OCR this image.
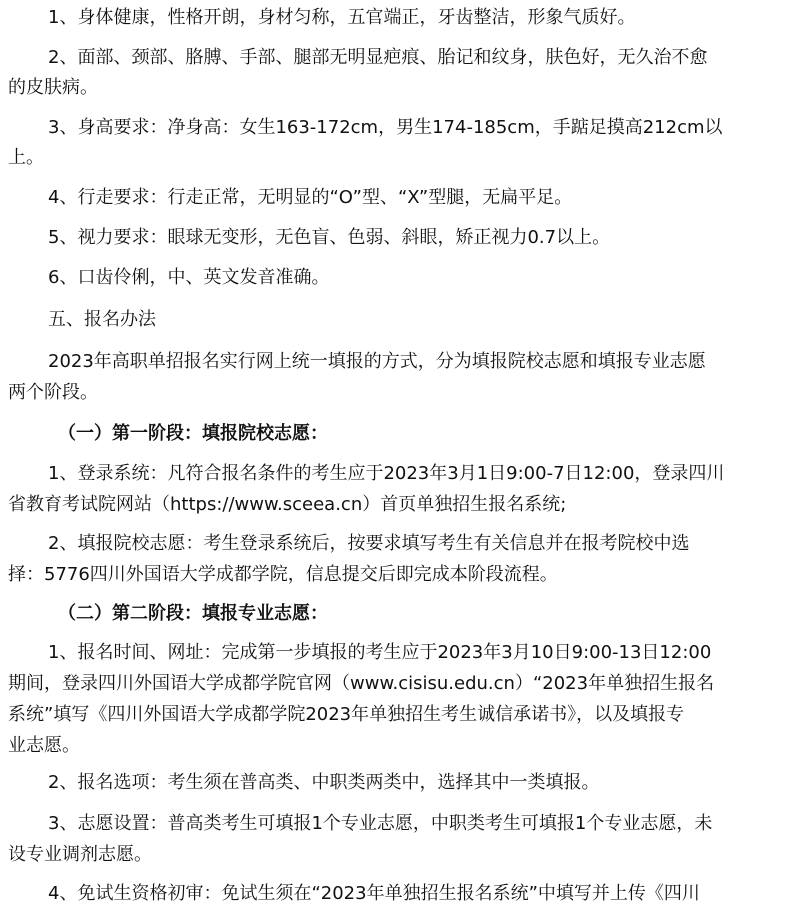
1、身体健康，性格开朗，身材匀称，五官端正，牙齿整洁，形象气质好。

2、面部、颈部、胳膊、手部、腿部无明显疤痕、胎记和纹身，肤色好，无久治不愈

的皮肤病。

3、身高要求：净身高：女生163-172cm，男生174-185cm，手踮足摸高212cm以

上。

4、行走要求：行走正常，无明显的“O”型、“X”型腿，无扁平足。

5、视力要求：眼球无变形，无色盲、色弱、斜眼，矫正视力0.7以上。

6、口齿伶俐，中、英文发音准确。

五、报名办法

2023年高职单招报名实行网上统一填报的方式，分为填报院校志愿和填报专业志愿

两个阶段。

（一）第一阶段：填报院校志愿：

1、登录系统：凡符合报名条件的考生应于2023年3月1日9:00-7日12:00，登录四川

省教育考试院网站（https://www.sceea.cn）首页单独招生报名系统;

2、填报院校志愿：考生登录系统后，按要求填写考生有关信息并在报考院校中选

择：5776四川外国语大学成都学院，信息提交后即完成本阶段流程。

（二）第二阶段：填报专业志愿：

1、报名时间、网址：完成第一步填报的考生应于2023年3月10日9:00-13日12:00

期间，登录四川外国语大学成都学院官网（www.cisisu.edu.cn）“2023年单独招生报名

系统”填写《四川外国语大学成都学院2023年单独招生考生诚信承诺书》，以及填报专

业志愿。

2、报名选项：考生须在普高类、中职类两类中，选择其中一类填报。

3、志愿设置：普高类考生可填报1个专业志愿，中职类考生可填报1个专业志愿，未

设专业调剂志愿。

4、免试生资格初审：免试生须在“2023年单独招生报名系统”中填写并上传《四川
